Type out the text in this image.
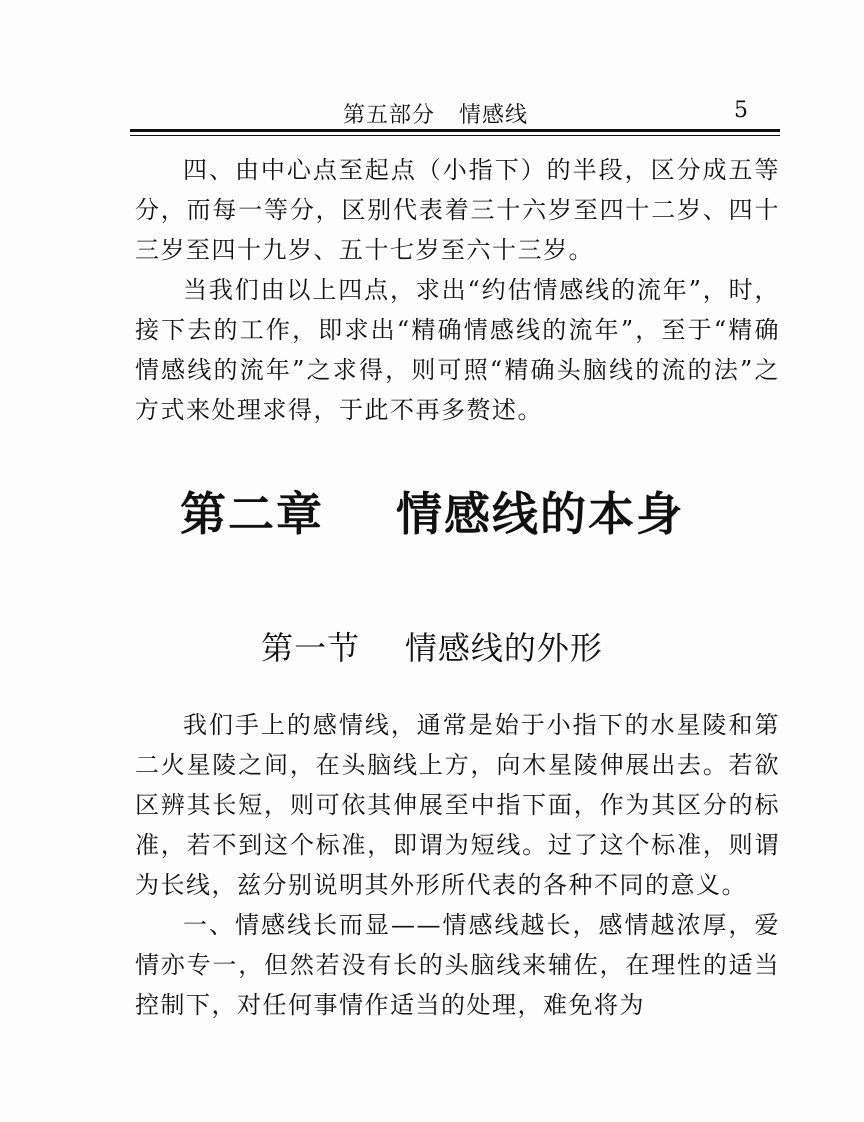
第五部分   情感线	5

四、由中心点至起点（小指下）的半段，区分成五等分，而每一等分，区别代表着三十六岁至四十二岁、四十三岁至四十九岁、五十七岁至六十三岁。

当我们由以上四点，求出“约估情感线的流年”，时，接下去的工作，即求出“精确情感线的流年”，至于“精确情感线的流年”之求得，则可照“精确头脑线的流的法”之方式来处理求得，于此不再多赘述。

第二章    情感线的本身
第一节    情感线的外形

我们手上的感情线，通常是始于小指下的水星陵和第二火星陵之间，在头脑线上方，向木星陵伸展出去。若欲区辨其长短，则可依其伸展至中指下面，作为其区分的标准，若不到这个标准，即谓为短线。过了这个标准，则谓为长线，兹分别说明其外形所代表的各种不同的意义。

一、情感线长而显——情感线越长，感情越浓厚，爱情亦专一，但然若没有长的头脑线来辅佐，在理性的适当控制下，对任何事情作适当的处理，难免将为
